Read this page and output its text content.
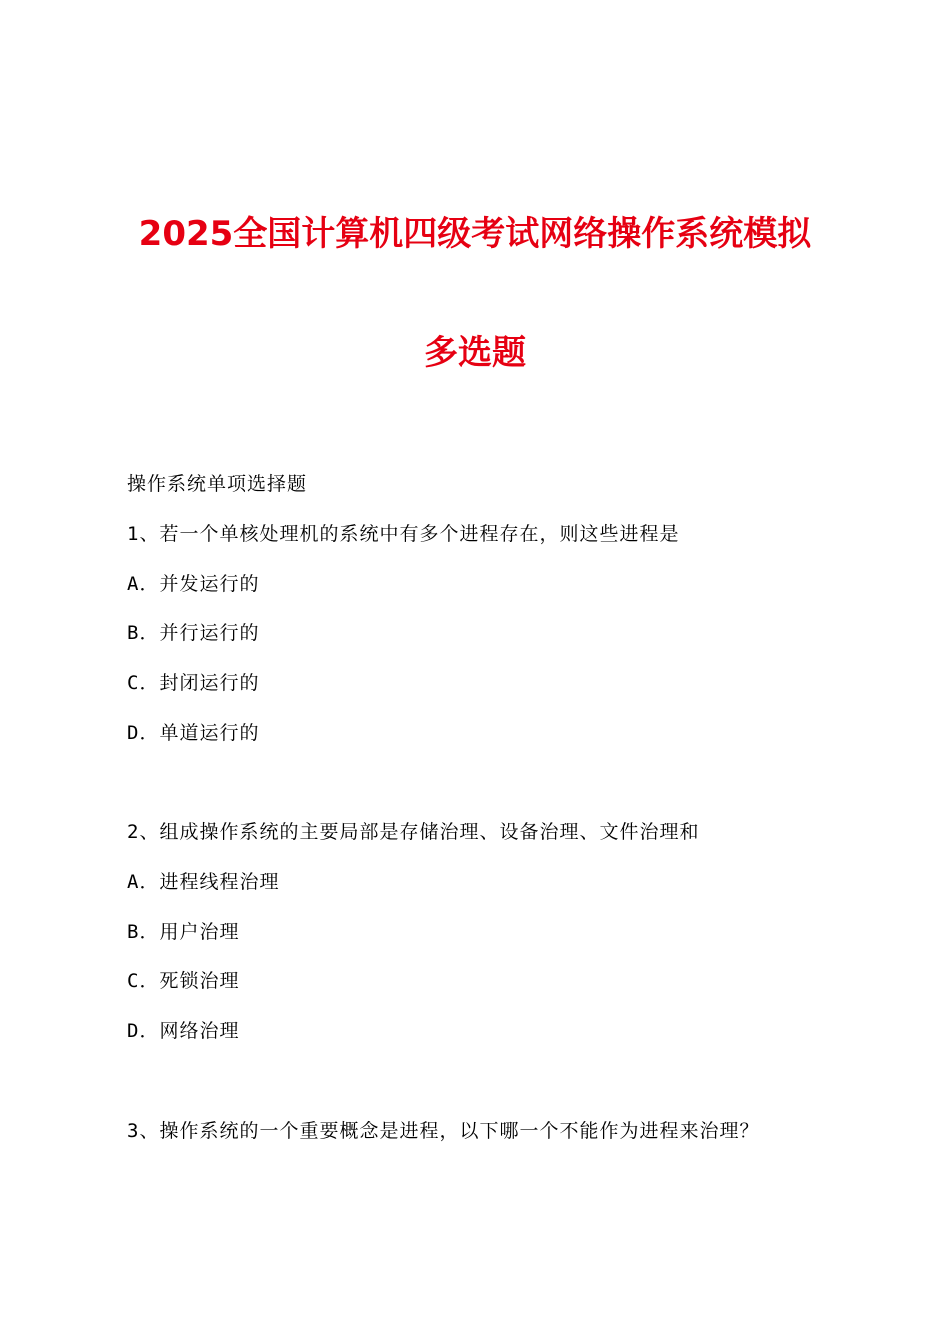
2025全国计算机四级考试网络操作系统模拟
多选题
操作系统单项选择题
1、若一个单核处理机的系统中有多个进程存在，则这些进程是
A．并发运行的
B．并行运行的
C．封闭运行的
D．单道运行的
2、组成操作系统的主要局部是存储治理、设备治理、文件治理和
A．进程线程治理
B．用户治理
C．死锁治理
D．网络治理
3、操作系统的一个重要概念是进程，以下哪一个不能作为进程来治理？
